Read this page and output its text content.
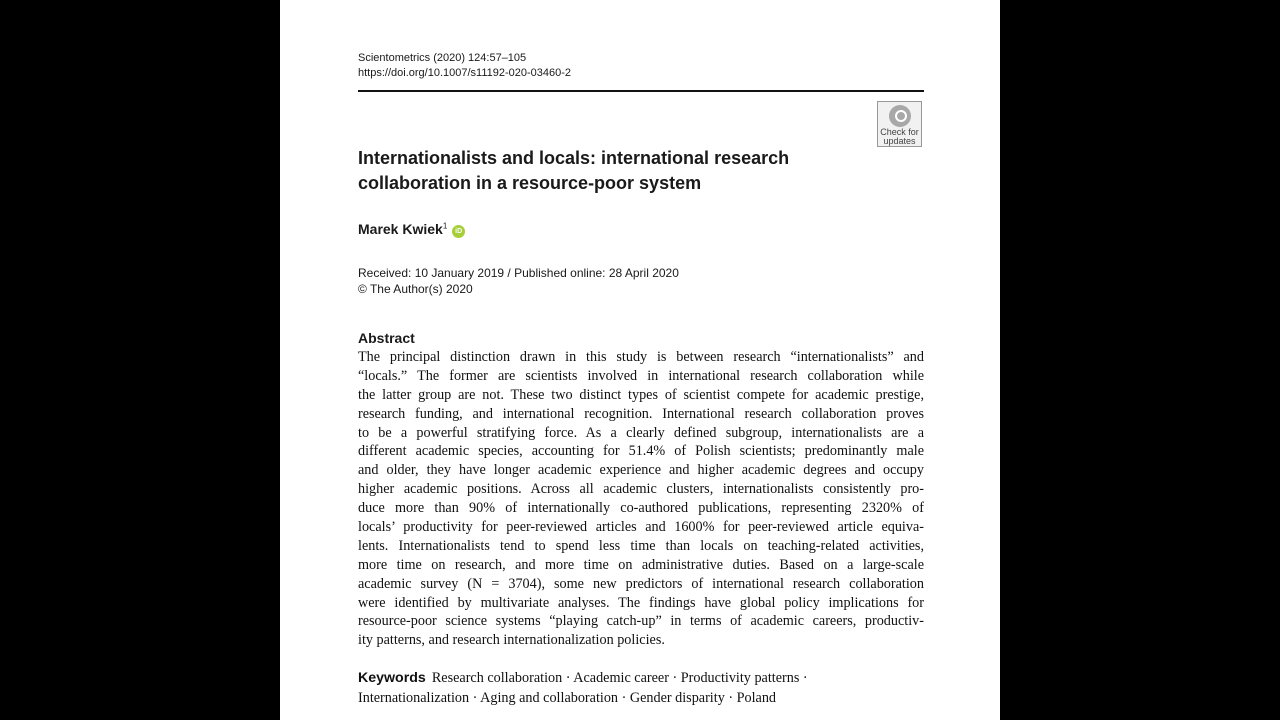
Scientometrics (2020) 124:57–105
https://doi.org/10.1007/s11192-020-03460-2
Check for
updates
Internationalists and locals: international research
collaboration in a resource-poor system
Marek Kwiek$^1$ iD
Received: 10 January 2019 / Published online: 28 April 2020
© The Author(s) 2020
Abstract
The principal distinction drawn in this study is between research “internationalists” and
“locals.” The former are scientists involved in international research collaboration while
the latter group are not. These two distinct types of scientist compete for academic prestige,
research funding, and international recognition. International research collaboration proves
to be a powerful stratifying force. As a clearly defined subgroup, internationalists are a
different academic species, accounting for 51.4% of Polish scientists; predominantly male
and older, they have longer academic experience and higher academic degrees and occupy
higher academic positions. Across all academic clusters, internationalists consistently pro-
duce more than 90% of internationally co-authored publications, representing 2320% of
locals’ productivity for peer-reviewed articles and 1600% for peer-reviewed article equiva-
lents. Internationalists tend to spend less time than locals on teaching-related activities,
more time on research, and more time on administrative duties. Based on a large-scale
academic survey (N = 3704), some new predictors of international research collaboration
were identified by multivariate analyses. The findings have global policy implications for
resource-poor science systems “playing catch-up” in terms of academic careers, productiv-
ity patterns, and research internationalization policies.
Keywords Research collaboration · Academic career · Productivity patterns ·
Internationalization · Aging and collaboration · Gender disparity · Poland
